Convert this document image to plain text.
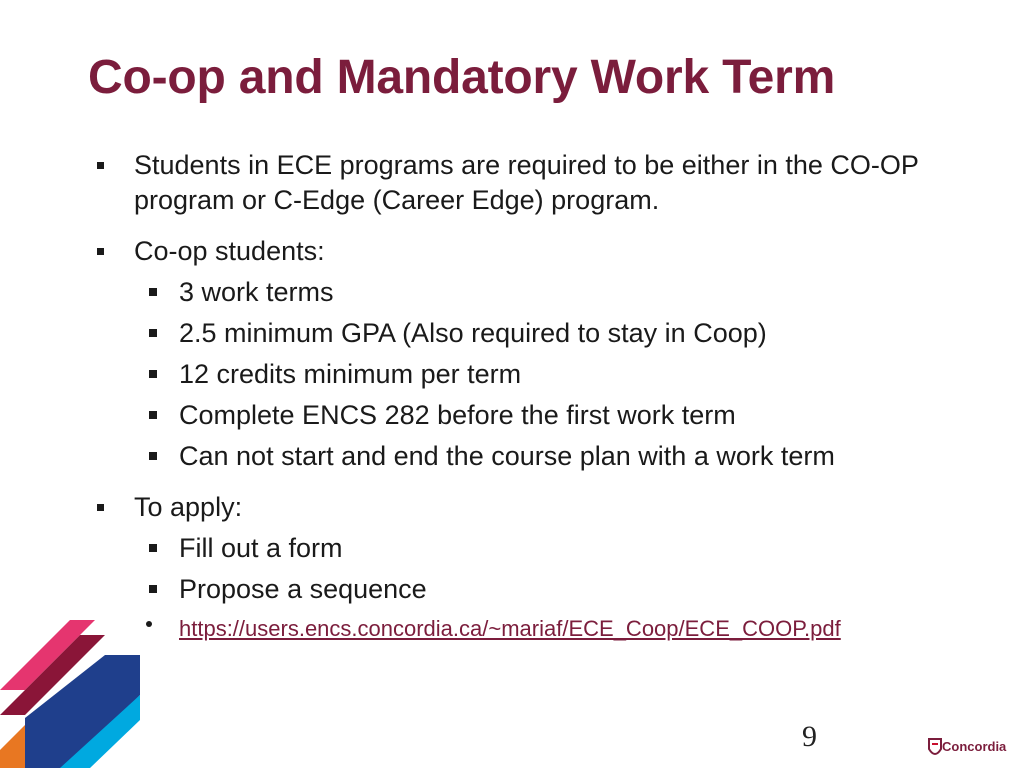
Co-op and Mandatory Work Term
Students in ECE programs are required to be either in the CO-OP program or C-Edge (Career Edge) program.
Co-op students:
3 work terms
2.5 minimum GPA (Also required to stay in Coop)
12 credits minimum per term
Complete ENCS 282 before the first work term
Can not start and end the course plan with a work term
To apply:
Fill out a form
Propose a sequence
https://users.encs.concordia.ca/~mariaf/ECE_Coop/ECE_COOP.pdf
9	Concordia
